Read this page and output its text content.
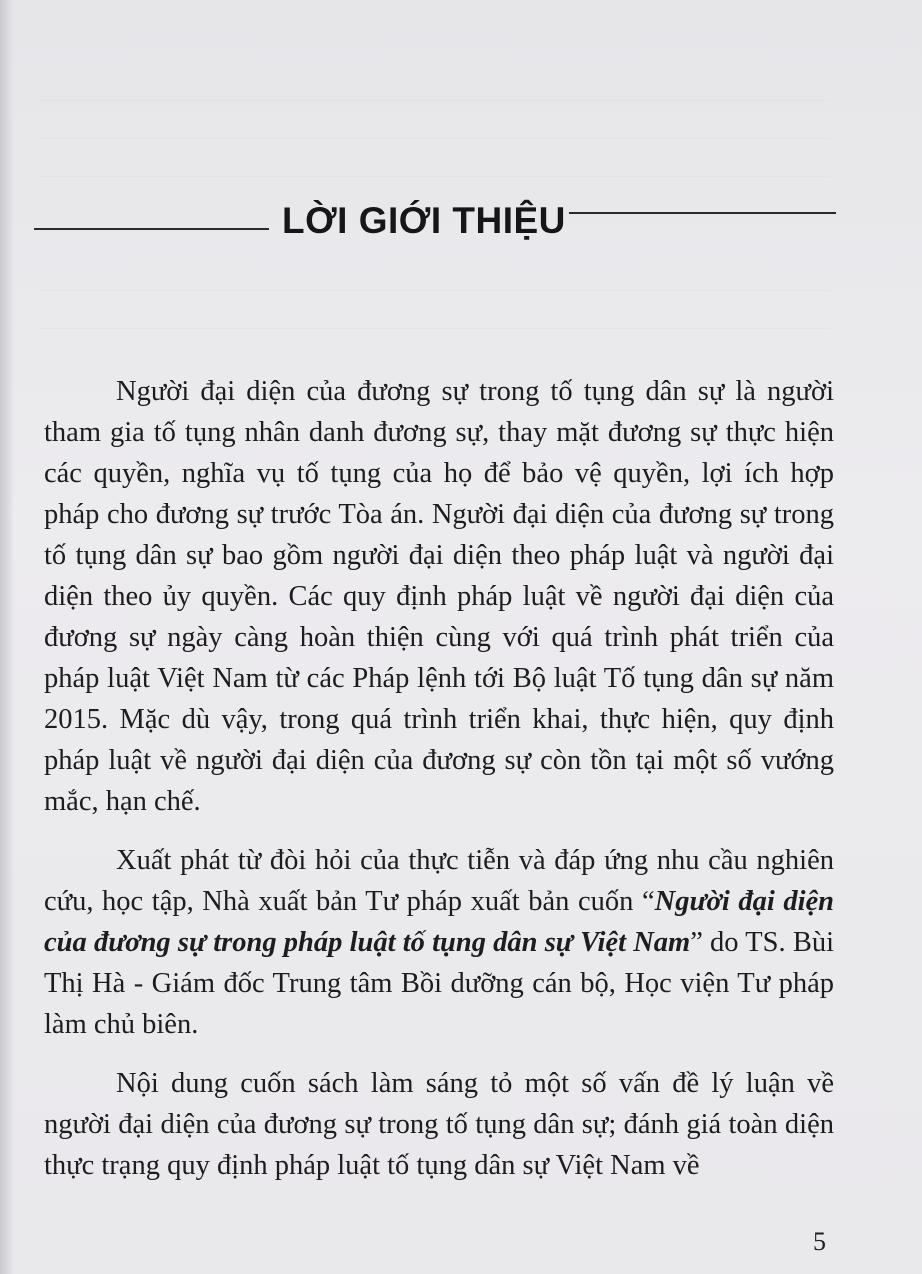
LỜI GIỚI THIỆU

Người đại diện của đương sự trong tố tụng dân sự là người tham gia tố tụng nhân danh đương sự, thay mặt đương sự thực hiện các quyền, nghĩa vụ tố tụng của họ để bảo vệ quyền, lợi ích hợp pháp cho đương sự trước Tòa án. Người đại diện của đương sự trong tố tụng dân sự bao gồm người đại diện theo pháp luật và người đại diện theo ủy quyền. Các quy định pháp luật về người đại diện của đương sự ngày càng hoàn thiện cùng với quá trình phát triển của pháp luật Việt Nam từ các Pháp lệnh tới Bộ luật Tố tụng dân sự năm 2015. Mặc dù vậy, trong quá trình triển khai, thực hiện, quy định pháp luật về người đại diện của đương sự còn tồn tại một số vướng mắc, hạn chế.

Xuất phát từ đòi hỏi của thực tiễn và đáp ứng nhu cầu nghiên cứu, học tập, Nhà xuất bản Tư pháp xuất bản cuốn “Người đại diện của đương sự trong pháp luật tố tụng dân sự Việt Nam” do TS. Bùi Thị Hà - Giám đốc Trung tâm Bồi dưỡng cán bộ, Học viện Tư pháp làm chủ biên.

Nội dung cuốn sách làm sáng tỏ một số vấn đề lý luận về người đại diện của đương sự trong tố tụng dân sự; đánh giá toàn diện thực trạng quy định pháp luật tố tụng dân sự Việt Nam về

5
